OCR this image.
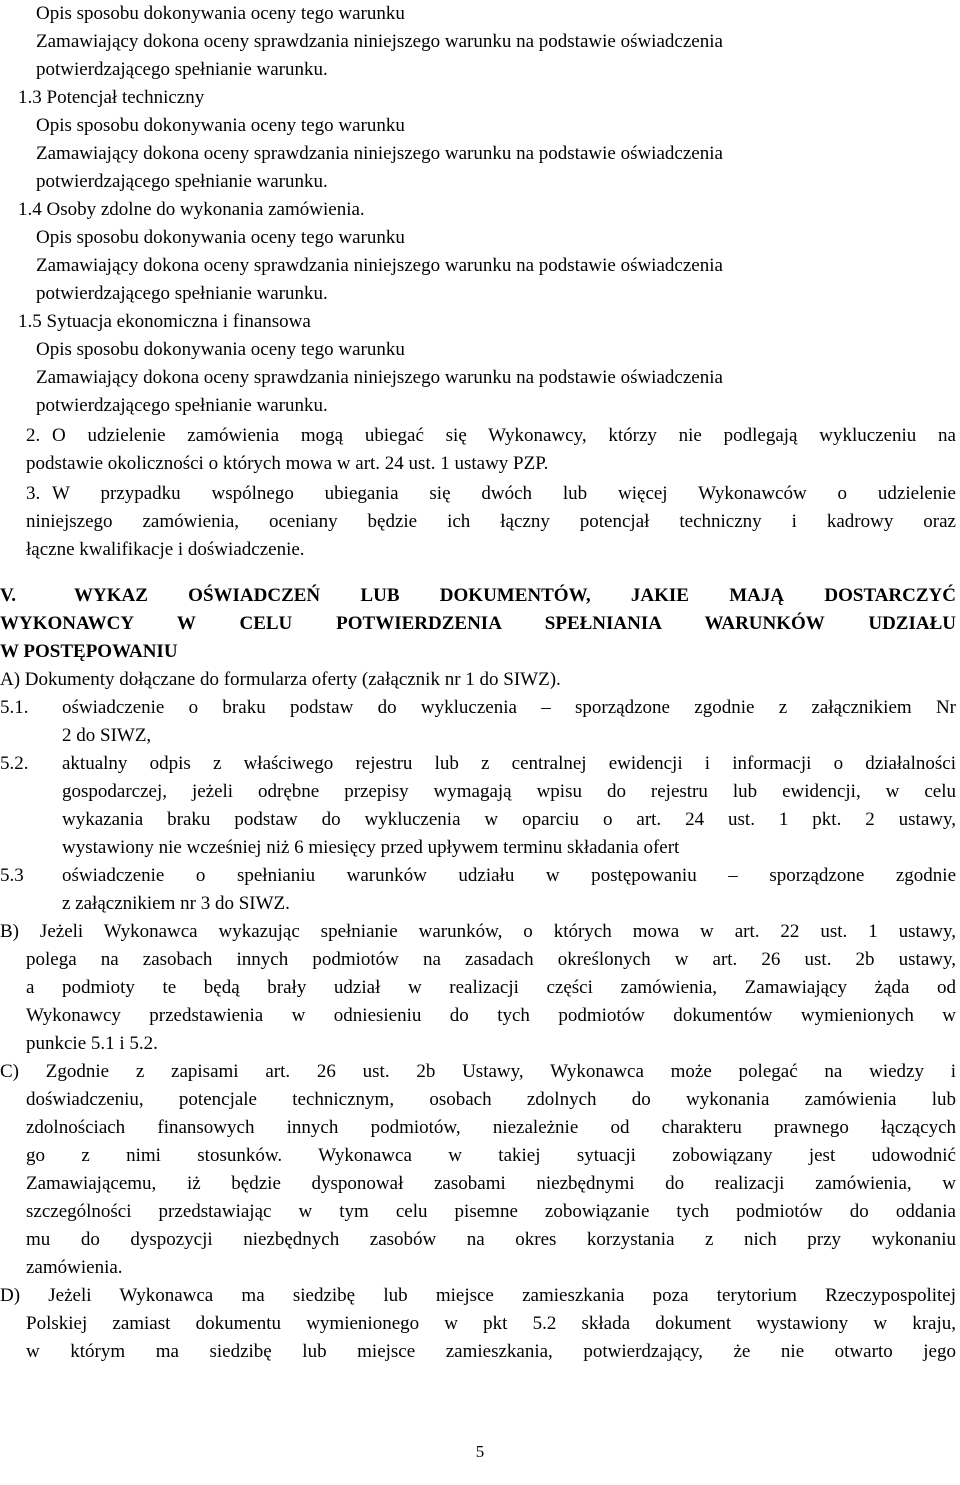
Opis sposobu dokonywania oceny tego warunku
Zamawiający dokona oceny sprawdzania niniejszego warunku na podstawie oświadczenia
potwierdzającego spełnianie warunku.
1.3 Potencjał techniczny
Opis sposobu dokonywania oceny tego warunku
Zamawiający dokona oceny sprawdzania niniejszego warunku na podstawie oświadczenia
potwierdzającego spełnianie warunku.
1.4 Osoby zdolne do wykonania zamówienia.
Opis sposobu dokonywania oceny tego warunku
Zamawiający dokona oceny sprawdzania niniejszego warunku na podstawie oświadczenia
potwierdzającego spełnianie warunku.
1.5 Sytuacja ekonomiczna i finansowa
Opis sposobu dokonywania oceny tego warunku
Zamawiający dokona oceny sprawdzania niniejszego warunku na podstawie oświadczenia
potwierdzającego spełnianie warunku.
2. O udzielenie zamówienia mogą ubiegać się Wykonawcy, którzy nie podlegają wykluczeniu na
podstawie okoliczności o których mowa w art. 24 ust. 1 ustawy PZP.
3. W przypadku wspólnego ubiegania się dwóch lub więcej Wykonawców o udzielenie
niniejszego zamówienia, oceniany będzie ich łączny potencjał techniczny i kadrowy oraz
łączne kwalifikacje i doświadczenie.
V.	WYKAZ OŚWIADCZEŃ LUB DOKUMENTÓW, JAKIE MAJĄ DOSTARCZYĆ
WYKONAWCY W CELU POTWIERDZENIA SPEŁNIANIA WARUNKÓW UDZIAŁU
W POSTĘPOWANIU
A) Dokumenty dołączane do formularza oferty (załącznik nr 1 do SIWZ).
5.1.	oświadczenie o braku podstaw do wykluczenia – sporządzone zgodnie z załącznikiem Nr
2 do SIWZ,
5.2.	aktualny odpis z właściwego rejestru lub z centralnej ewidencji i informacji o działalności
gospodarczej, jeżeli odrębne przepisy wymagają wpisu do rejestru lub ewidencji, w celu
wykazania braku podstaw do wykluczenia w oparciu o art. 24 ust. 1 pkt. 2 ustawy,
wystawiony nie wcześniej niż 6 miesięcy przed upływem terminu składania ofert
5.3	oświadczenie o spełnianiu warunków udziału w postępowaniu – sporządzone zgodnie
z załącznikiem nr 3 do SIWZ.
B) Jeżeli Wykonawca wykazując spełnianie warunków, o których mowa w art. 22 ust. 1 ustawy,
polega na zasobach innych podmiotów na zasadach określonych w art. 26 ust. 2b ustawy,
a podmioty te będą brały udział w realizacji części zamówienia, Zamawiający żąda od
Wykonawcy przedstawienia w odniesieniu do tych podmiotów dokumentów wymienionych w
punkcie 5.1 i 5.2.
C) Zgodnie z zapisami art. 26 ust. 2b Ustawy, Wykonawca może polegać na wiedzy i
doświadczeniu, potencjale technicznym, osobach zdolnych do wykonania zamówienia lub
zdolnościach finansowych innych podmiotów, niezależnie od charakteru prawnego łączących
go z nimi stosunków. Wykonawca w takiej sytuacji zobowiązany jest udowodnić
Zamawiającemu, iż będzie dysponował zasobami niezbędnymi do realizacji zamówienia, w
szczególności przedstawiając w tym celu pisemne zobowiązanie tych podmiotów do oddania
mu do dyspozycji niezbędnych zasobów na okres korzystania z nich przy wykonaniu
zamówienia.
D) Jeżeli Wykonawca ma siedzibę lub miejsce zamieszkania poza terytorium Rzeczypospolitej
Polskiej zamiast dokumentu wymienionego w pkt 5.2 składa dokument wystawiony w kraju,
w którym ma siedzibę lub miejsce zamieszkania, potwierdzający, że nie otwarto jego
5
